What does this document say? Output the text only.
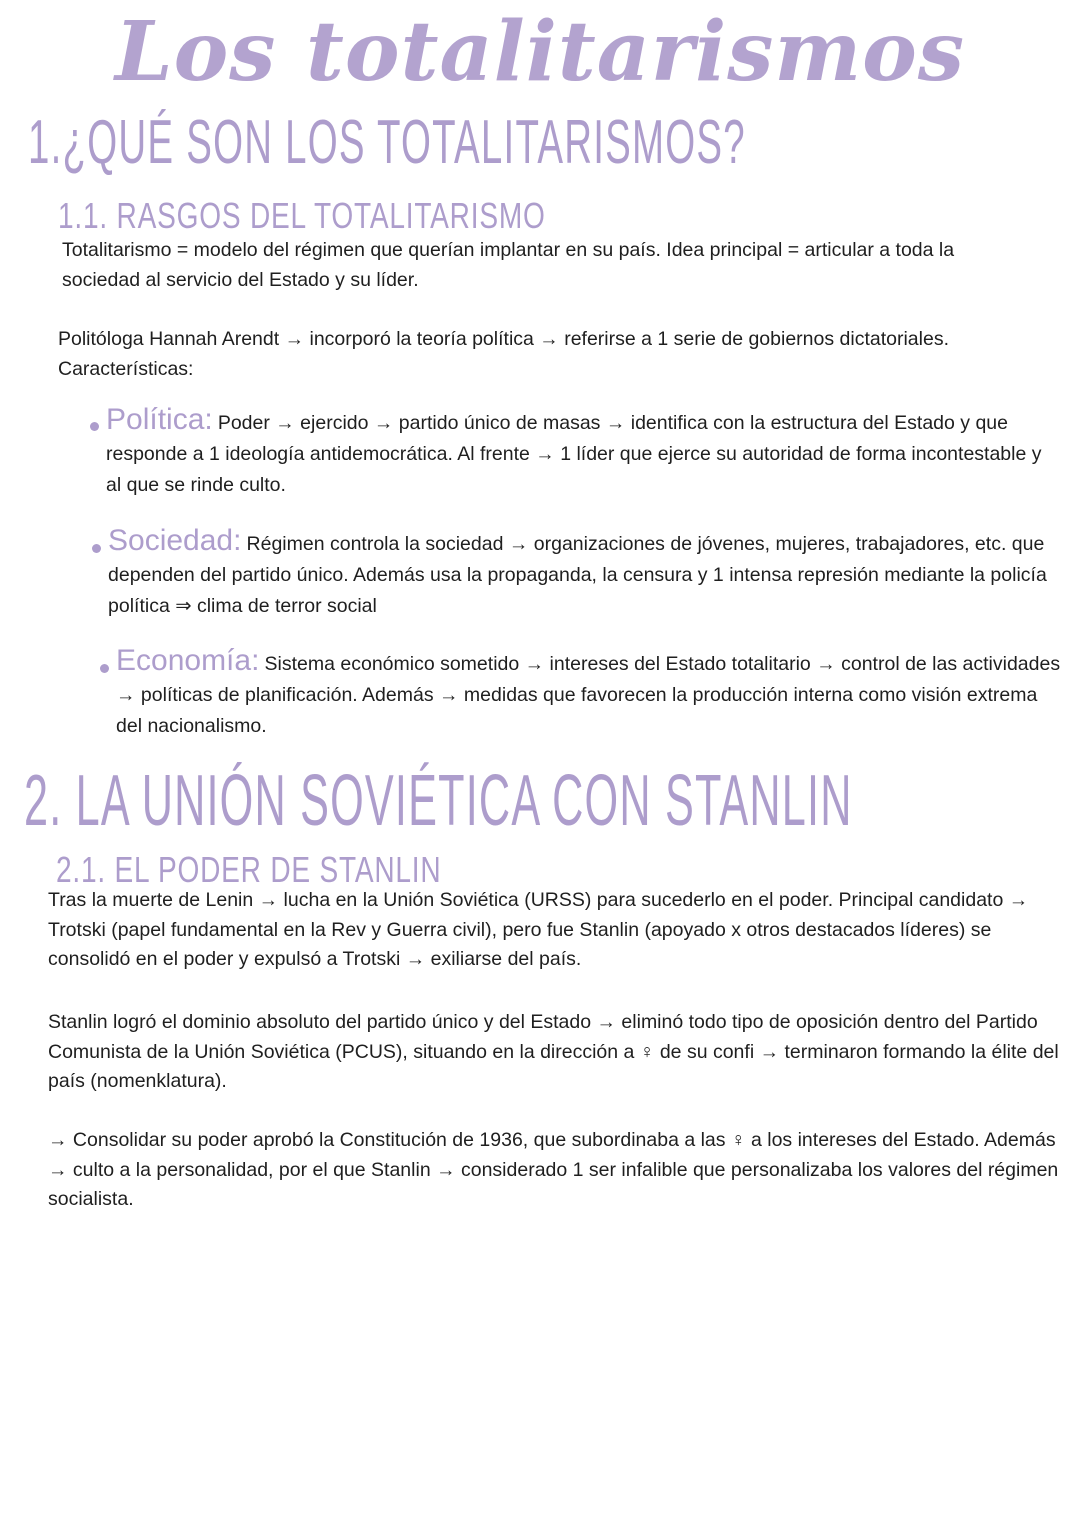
Los totalitarismos
1.¿QUÉ SON LOS TOTALITARISMOS?
1.1. RASGOS DEL TOTALITARISMO
Totalitarismo = modelo del régimen que querían implantar en su país. Idea principal = articular a toda la sociedad al servicio del Estado y su líder.
Politóloga Hannah Arendt → incorporó la teoría política → referirse a 1 serie de gobiernos dictatoriales. Características:
Política: Poder → ejercido → partido único de masas → identifica con la estructura del Estado y que responde a 1 ideología antidemocrática. Al frente → 1 líder que ejerce su autoridad de forma incontestable y al que se rinde culto.
Sociedad: Régimen controla la sociedad → organizaciones de jóvenes, mujeres, trabajadores, etc. que dependen del partido único. Además usa la propaganda, la censura y 1 intensa represión mediante la policía política ⇒ clima de terror social
Economía: Sistema económico sometido → intereses del Estado totalitario → control de las actividades → políticas de planificación. Además → medidas que favorecen la producción interna como visión extrema del nacionalismo.
2. LA UNIÓN SOVIÉTICA CON STANLIN
2.1. EL PODER DE STANLIN
Tras la muerte de Lenin → lucha en la Unión Soviética (URSS) para sucederlo en el poder. Principal candidato → Trotski (papel fundamental en la Rev y Guerra civil), pero fue Stanlin (apoyado x otros destacados líderes) se consolidó en el poder y expulsó a Trotski → exiliarse del país.
Stanlin logró el dominio absoluto del partido único y del Estado → eliminó todo tipo de oposición dentro del Partido Comunista de la Unión Soviética (PCUS), situando en la dirección a ♀ de su confi → terminaron formando la élite del país (nomenklatura).
→ Consolidar su poder aprobó la Constitución de 1936, que subordinaba a las ♀ a los intereses del Estado. Además → culto a la personalidad, por el que Stanlin → considerado 1 ser infalible que personalizaba los valores del régimen socialista.
